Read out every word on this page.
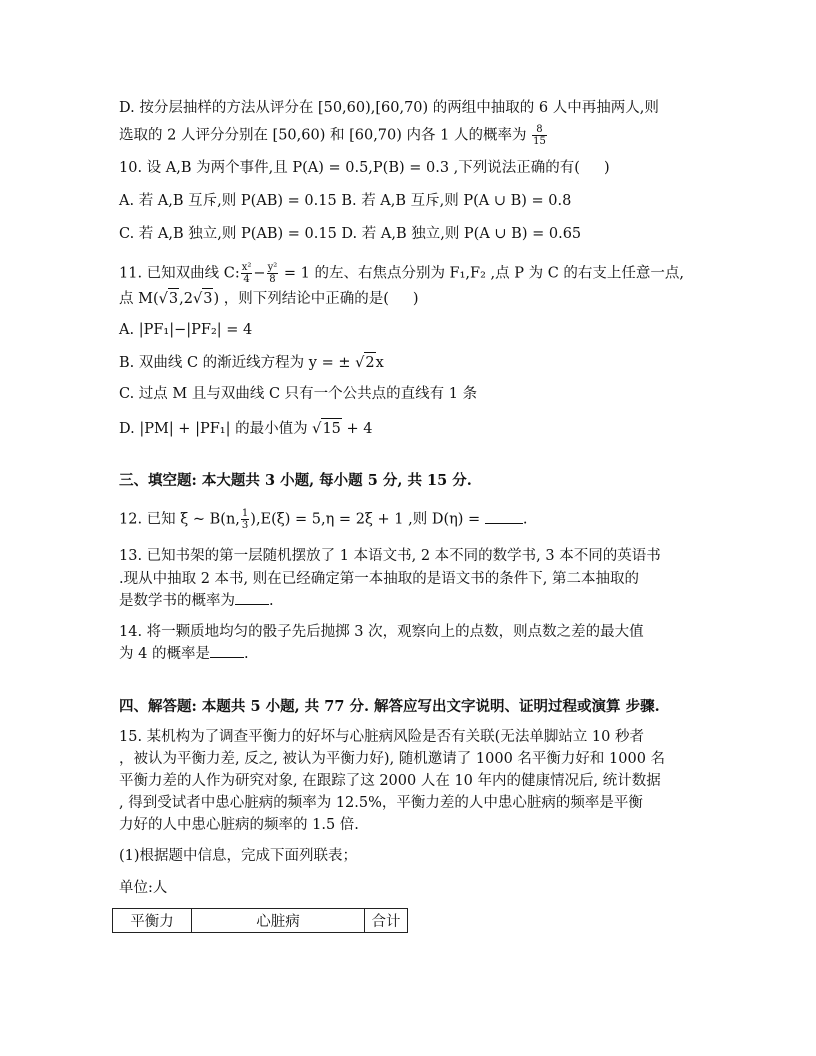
D. 按分层抽样的方法从评分在 [50,60),[60,70) 的两组中抽取的 6 人中再抽两人,则
选取的 2 人评分分别在 [50,60) 和 [60,70) 内各 1 人的概率为 $\frac{8}{15}$
10. 设 A,B 为两个事件,且 P(A) = 0.5,P(B) = 0.3 ,下列说法正确的有( )
A. 若 A,B 互斥,则 P(AB) = 0.15 B. 若 A,B 互斥,则 P(A ∪ B) = 0.8
C. 若 A,B 独立,则 P(AB) = 0.15 D. 若 A,B 独立,则 P(A ∪ B) = 0.65
11. 已知双曲线 C: $\frac{\text{x²}}{4} - \frac{\text{y²}}{8} = 1$ 的左、右焦点分别为 F₁,F₂ ,点 P 为 C 的右支上任意一点,
点 M(√3,2√3) ，则下列结论中正确的是( )
A. |PF₁|−|PF₂| = 4
B. 双曲线 C 的渐近线方程为 y = ± √2x
C. 过点 M 且与双曲线 C 只有一个公共点的直线有 1 条
D. |PM| + |PF₁| 的最小值为 √15 + 4
三、填空题: 本大题共 3 小题, 每小题 5 分, 共 15 分.
12. 已知 ξ ~ B(n, $\frac{1}{3} ),E(\xi) = 5,\eta = 2\xi + 1$ ,则 D(η) =	.
13. 已知书架的第一层随机摆放了 1 本语文书, 2 本不同的数学书, 3 本不同的英语书
.现从中抽取 2 本书, 则在已经确定第一本抽取的是语文书的条件下, 第二本抽取的
是数学书的概率为 .
14. 将一颗质地均匀的骰子先后抛掷 3 次，观察向上的点数，则点数之差的最大值
为 4 的概率是 .
四、解答题: 本题共 5 小题, 共 77 分. 解答应写出文字说明、证明过程或演算 步骤.
15. 某机构为了调查平衡力的好坏与心脏病风险是否有关联(无法单脚站立 10 秒者
，被认为平衡力差, 反之, 被认为平衡力好), 随机邀请了 1000 名平衡力好和 1000 名
平衡力差的人作为研究对象, 在跟踪了这 2000 人在 10 年内的健康情况后, 统计数据
, 得到受试者中患心脏病的频率为 12.5%，平衡力差的人中患心脏病的频率是平衡
力好的人中患心脏病的频率的 1.5 倍.
(1)根据题中信息，完成下面列联表；
单位:人
平衡力	心脏病	合计
